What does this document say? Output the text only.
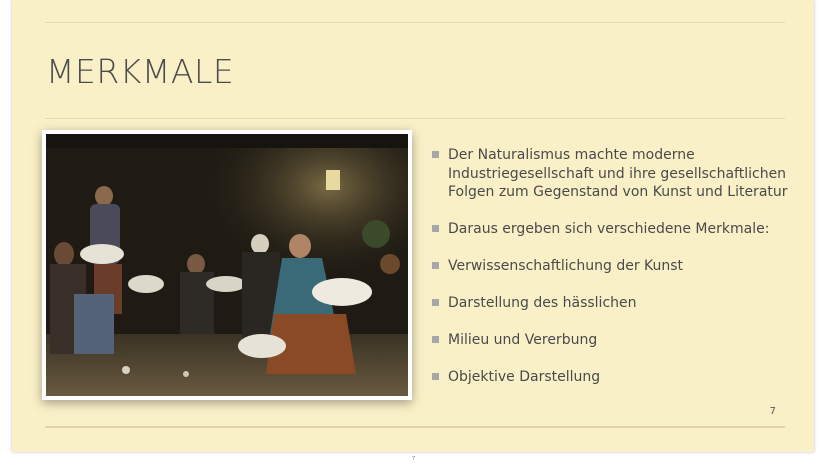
MERKMALE
Der Naturalismus machte moderne Industriegesellschaft und ihre gesellschaftlichen Folgen zum Gegenstand von Kunst und Literatur
Daraus ergeben sich verschiedene Merkmale:
Verwissenschaftlichung der Kunst
Darstellung des hässlichen
Milieu und Vererbung
Objektive Darstellung
7
7
